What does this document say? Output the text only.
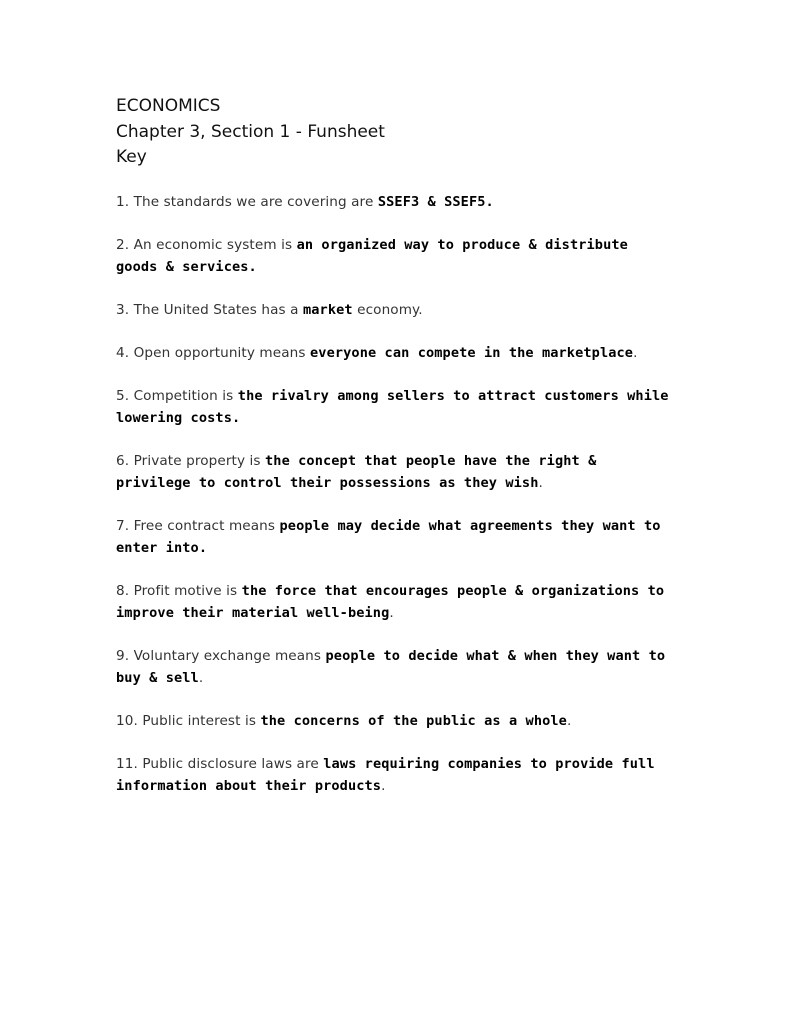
ECONOMICS
Chapter 3, Section 1 - Funsheet
Key

1. The standards we are covering are SSEF3 & SSEF5.

2. An economic system is an organized way to produce & distribute goods & services.

3. The United States has a market economy.

4. Open opportunity means everyone can compete in the marketplace.

5. Competition is the rivalry among sellers to attract customers while lowering costs.

6. Private property is the concept that people have the right & privilege to control their possessions as they wish.

7. Free contract means people may decide what agreements they want to enter into.

8. Profit motive is the force that encourages people & organizations to improve their material well-being.

9. Voluntary exchange means people to decide what & when they want to buy & sell.

10. Public interest is the concerns of the public as a whole.

11. Public disclosure laws are laws requiring companies to provide full information about their products.
